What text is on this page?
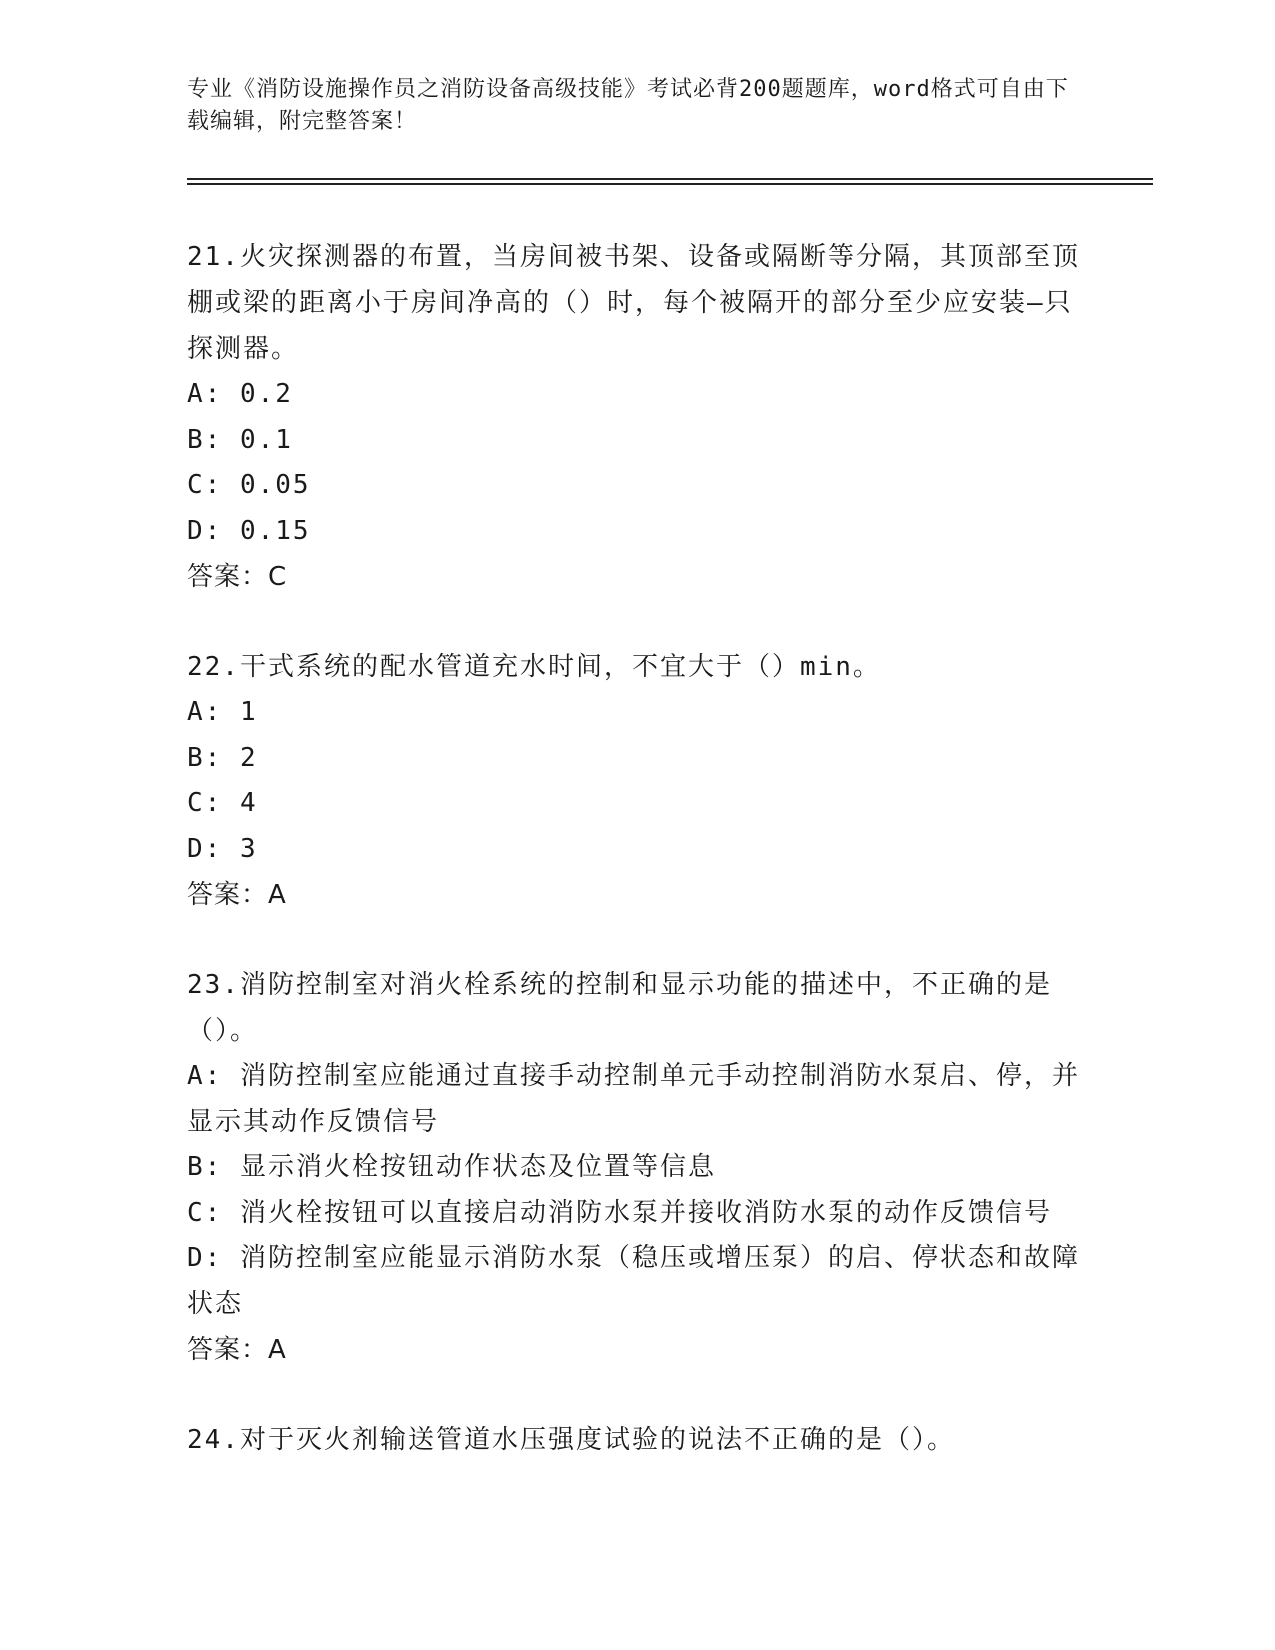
专业《消防设施操作员之消防设备高级技能》考试必背200题题库，word格式可自由下载编辑，附完整答案！

21.火灾探测器的布置，当房间被书架、设备或隔断等分隔，其顶部至顶棚或梁的距离小于房间净高的（）时，每个被隔开的部分至少应安装—只探测器。

A: 0.2

B: 0.1

C: 0.05

D: 0.15

答案：C

22.干式系统的配水管道充水时间，不宜大于（）min。

A: 1

B: 2

C: 4

D: 3

答案：A

23.消防控制室对消火栓系统的控制和显示功能的描述中，不正确的是（）。

A: 消防控制室应能通过直接手动控制单元手动控制消防水泵启、停，并显示其动作反馈信号

B: 显示消火栓按钮动作状态及位置等信息

C: 消火栓按钮可以直接启动消防水泵并接收消防水泵的动作反馈信号

D: 消防控制室应能显示消防水泵（稳压或增压泵）的启、停状态和故障状态

答案：A

24.对于灭火剂输送管道水压强度试验的说法不正确的是（）。
